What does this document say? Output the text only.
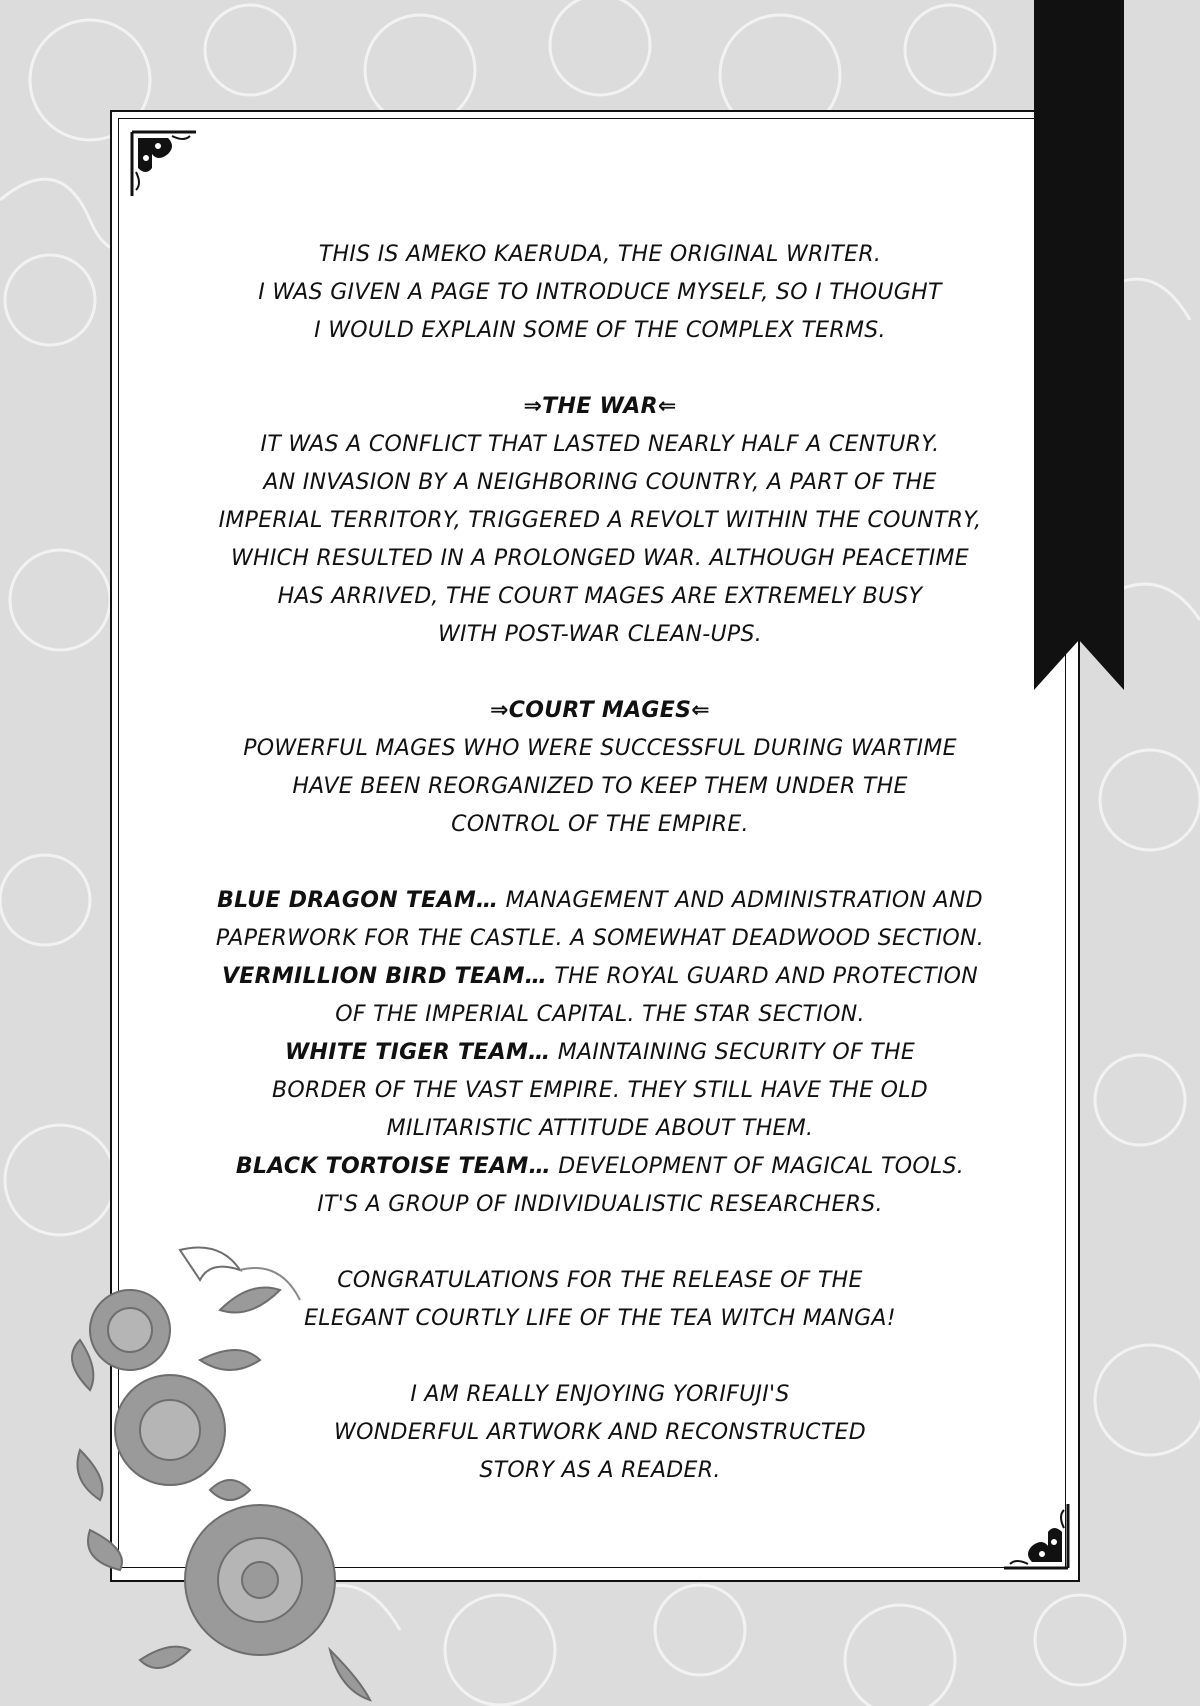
THIS IS AMEKO KAERUDA, THE ORIGINAL WRITER.
I WAS GIVEN A PAGE TO INTRODUCE MYSELF, SO I THOUGHT
I WOULD EXPLAIN SOME OF THE COMPLEX TERMS.
⇒THE WAR⇐
IT WAS A CONFLICT THAT LASTED NEARLY HALF A CENTURY.
AN INVASION BY A NEIGHBORING COUNTRY, A PART OF THE
IMPERIAL TERRITORY, TRIGGERED A REVOLT WITHIN THE COUNTRY,
WHICH RESULTED IN A PROLONGED WAR. ALTHOUGH PEACETIME
HAS ARRIVED, THE COURT MAGES ARE EXTREMELY BUSY
WITH POST-WAR CLEAN-UPS.
⇒COURT MAGES⇐
POWERFUL MAGES WHO WERE SUCCESSFUL DURING WARTIME
HAVE BEEN REORGANIZED TO KEEP THEM UNDER THE
CONTROL OF THE EMPIRE.
BLUE DRAGON TEAM… MANAGEMENT AND ADMINISTRATION AND
PAPERWORK FOR THE CASTLE. A SOMEWHAT DEADWOOD SECTION.
VERMILLION BIRD TEAM… THE ROYAL GUARD AND PROTECTION
OF THE IMPERIAL CAPITAL. THE STAR SECTION.
WHITE TIGER TEAM… MAINTAINING SECURITY OF THE
BORDER OF THE VAST EMPIRE. THEY STILL HAVE THE OLD
MILITARISTIC ATTITUDE ABOUT THEM.
BLACK TORTOISE TEAM… DEVELOPMENT OF MAGICAL TOOLS.
IT'S A GROUP OF INDIVIDUALISTIC RESEARCHERS.
CONGRATULATIONS FOR THE RELEASE OF THE
ELEGANT COURTLY LIFE OF THE TEA WITCH MANGA!
I AM REALLY ENJOYING YORIFUJI'S
WONDERFUL ARTWORK AND RECONSTRUCTED
STORY AS A READER.
